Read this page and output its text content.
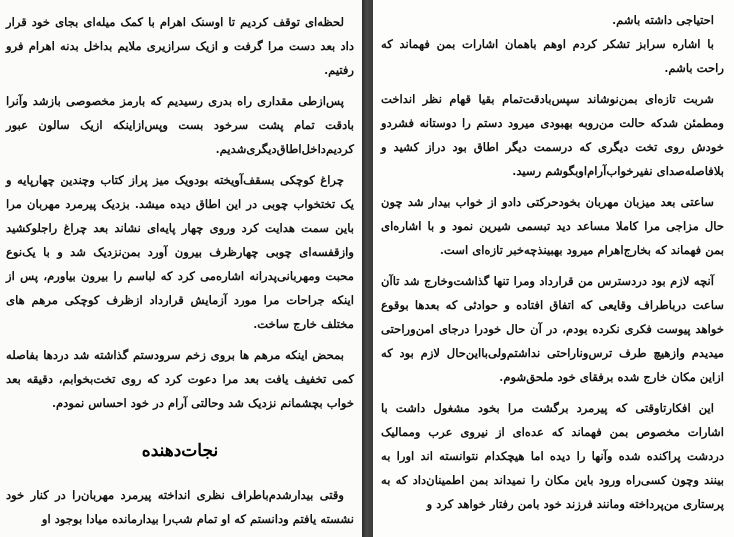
لحظه‌ای توقف کردیم تا اوسنک اهرام‌ با کمک میله‌ای بجای خود قرار داد بعد دست مرا گرفت و ازیک سرازیری ملایم بداخل بدنه اهرام فرو رفتیم.

پس‌ازطی مقداری راه بدری رسیدیم که بارمز مخصوصی بازشد وآنرا بادقت تمام پشت سرخود بست وپس‌ازاینکه ازیک سالون عبور کردیم‌داخل‌اطاق‌دیگری‌شدیم.

چراغ کوچکی بسقف‌آویخته بودویک میز پراز کتاب وچندین چهارپایه و یک تختخواب چوبی در این اطاق دیده میشد. بزدیک پیرمرد مهربان مرا باین سمت هدایت کرد وروی چهار پایه‌ای نشاند بعد چراغ راجلوکشید وازقفسه‌ای چوبی چهارظرف بیرون آورد بمن‌نزدیک شد و با یک‌نوع محبت ومهربانی‌پدرانه اشاره‌می کرد که لباسم را بیرون بیاورم، پس از اینکه جراحات مرا مورد آزمایش قرارداد ازظرف کوچکی مرهم های مختلف خارج ساخت.

بمحض اینکه مرهم ها بروی زخم سرودستم گذاشته شد دردها بفاصله کمی تخفیف یافت بعد مرا دعوت کرد که روی تخت‌بخوابم، دقیقه بعد خواب بچشمانم نزدیک شد وحالتی آرام در خود احساس نمودم.

نجات‌دهنده

وقتی بیدارشدم‌باطراف نظری انداخته پیرمرد مهربان‌را در کنار خود نشسته یافتم ودانستم که او تمام شب‌را بیدارمانده میادا بوجود او

احتیاجی داشته باشم.

با اشاره سرابز تشکر کردم اوهم باهمان اشارات بمن فهماند که راحت باشم.

شربت تازه‌ای بمن‌نوشاند سپس‌بادقت‌تمام بقیا قهام نظر انداخت ومطمئن شدکه حالت من‌روبه بهبودی میرود دستم را دوستانه فشردو خودش روی تخت دیگری که درسمت دیگر اطاق بود دراز کشید و بلافاصله‌صدای نفیرخواب‌آرام‌اوبگوشم رسید.

ساعتی بعد میزبان مهربان بخودحرکتی دادو از خواب بیدار شد چون حال مزاجی مرا کاملا مساعد دید تبسمی شیرین نمود و با اشاره‌ای بمن فهماند که بخارج‌اهرام میرود بهبینذچه‌خبر تازه‌ای است.

آنچه لازم بود دردسترس من قرارداد ومرا تنها گذاشت‌وخارج شد تاآن ساعت درباطراف وقایعی که اتفاق افتاده و حوادثی که بعدها بوقوع خواهد پیوست فکری نکرده بودم، در آن حال خودرا درجای امن‌وراحتی میدیدم وازهیچ طرف ترس‌وناراحتی نداشتم‌ولی‌بااین‌حال لازم بود که ازاین مکان خارج شده برفقای خود ملحق‌شوم.

این افکارتاوقتی که پیرمرد برگشت مرا بخود مشغول داشت با اشارات مخصوص بمن فهماند که عده‌ای از نیروی عرب وممالیک دردشت پراکنده شده وآنها را دیده اما هیچکدام نتوانسته اند اورا به بینند وچون کسی‌راه ورود باین مکان را نمیداند بمن اطمینان‌داد که به پرستاری من‌پرداخته ومانند فرزند خود بامن رفتار خواهد کرد و
